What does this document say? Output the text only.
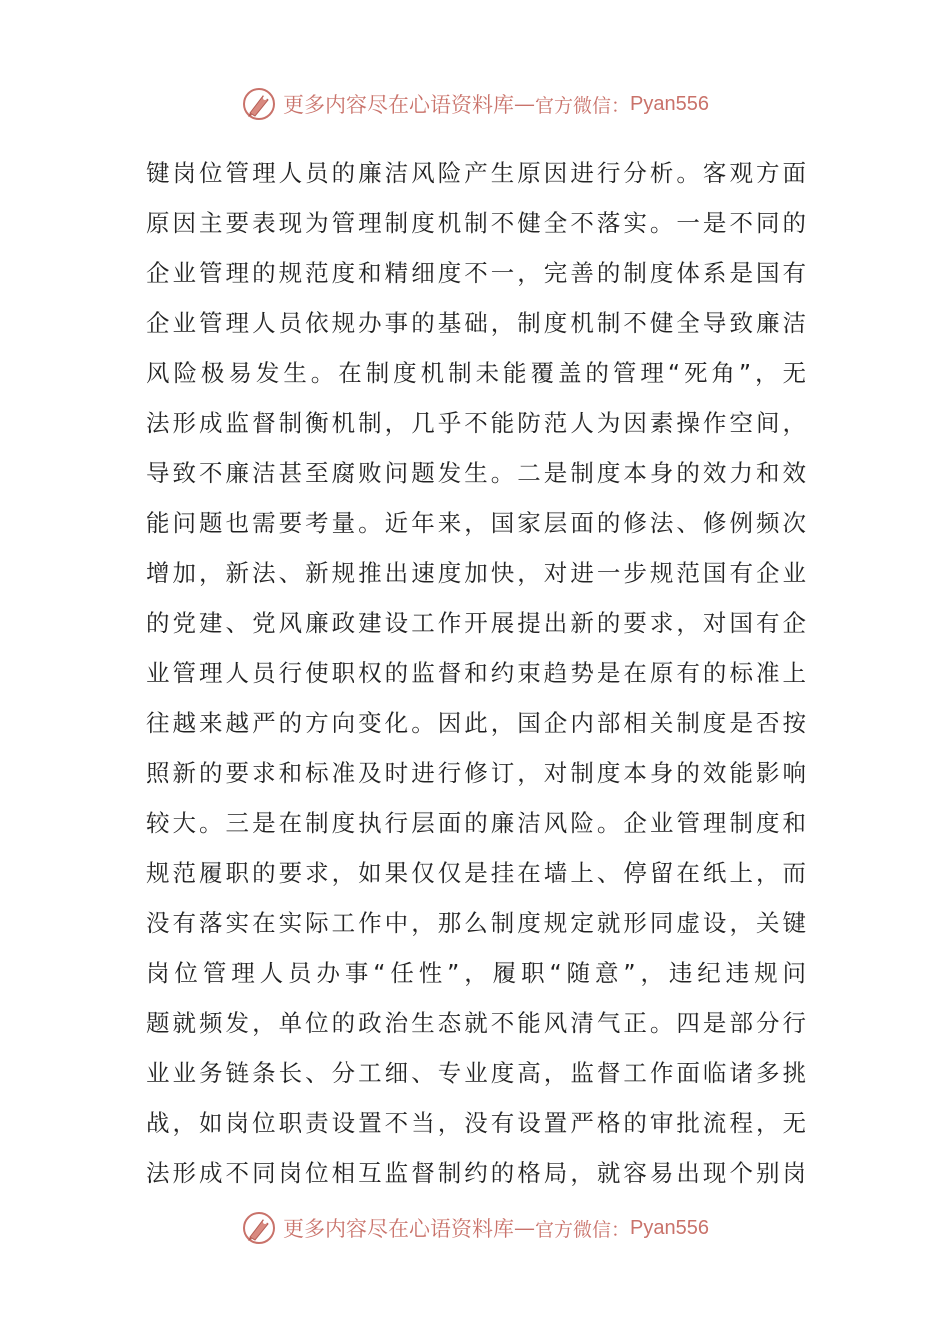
更多内容尽在心语资料库 — 官方微信： Pyan556
键岗位管理人员的廉洁风险产生原因进行分析。客观方面
原因主要表现为管理制度机制不健全不落实。一是不同的
企业管理的规范度和精细度不一，完善的制度体系是国有
企业管理人员依规办事的基础，制度机制不健全导致廉洁
风险极易发生。在制度机制未能覆盖的管理“死角”，无
法形成监督制衡机制，几乎不能防范人为因素操作空间，
导致不廉洁甚至腐败问题发生。二是制度本身的效力和效
能问题也需要考量。近年来，国家层面的修法、修例频次
增加，新法、新规推出速度加快，对进一步规范国有企业
的党建、党风廉政建设工作开展提出新的要求，对国有企
业管理人员行使职权的监督和约束趋势是在原有的标准上
往越来越严的方向变化。因此，国企内部相关制度是否按
照新的要求和标准及时进行修订，对制度本身的效能影响
较大。三是在制度执行层面的廉洁风险。企业管理制度和
规范履职的要求，如果仅仅是挂在墙上、停留在纸上，而
没有落实在实际工作中，那么制度规定就形同虚设，关键
岗位管理人员办事“任性”，履职“随意”，违纪违规问
题就频发，单位的政治生态就不能风清气正。四是部分行
业业务链条长、分工细、专业度高，监督工作面临诸多挑
战，如岗位职责设置不当，没有设置严格的审批流程，无
法形成不同岗位相互监督制约的格局，就容易出现个别岗
更多内容尽在心语资料库 — 官方微信： Pyan556
